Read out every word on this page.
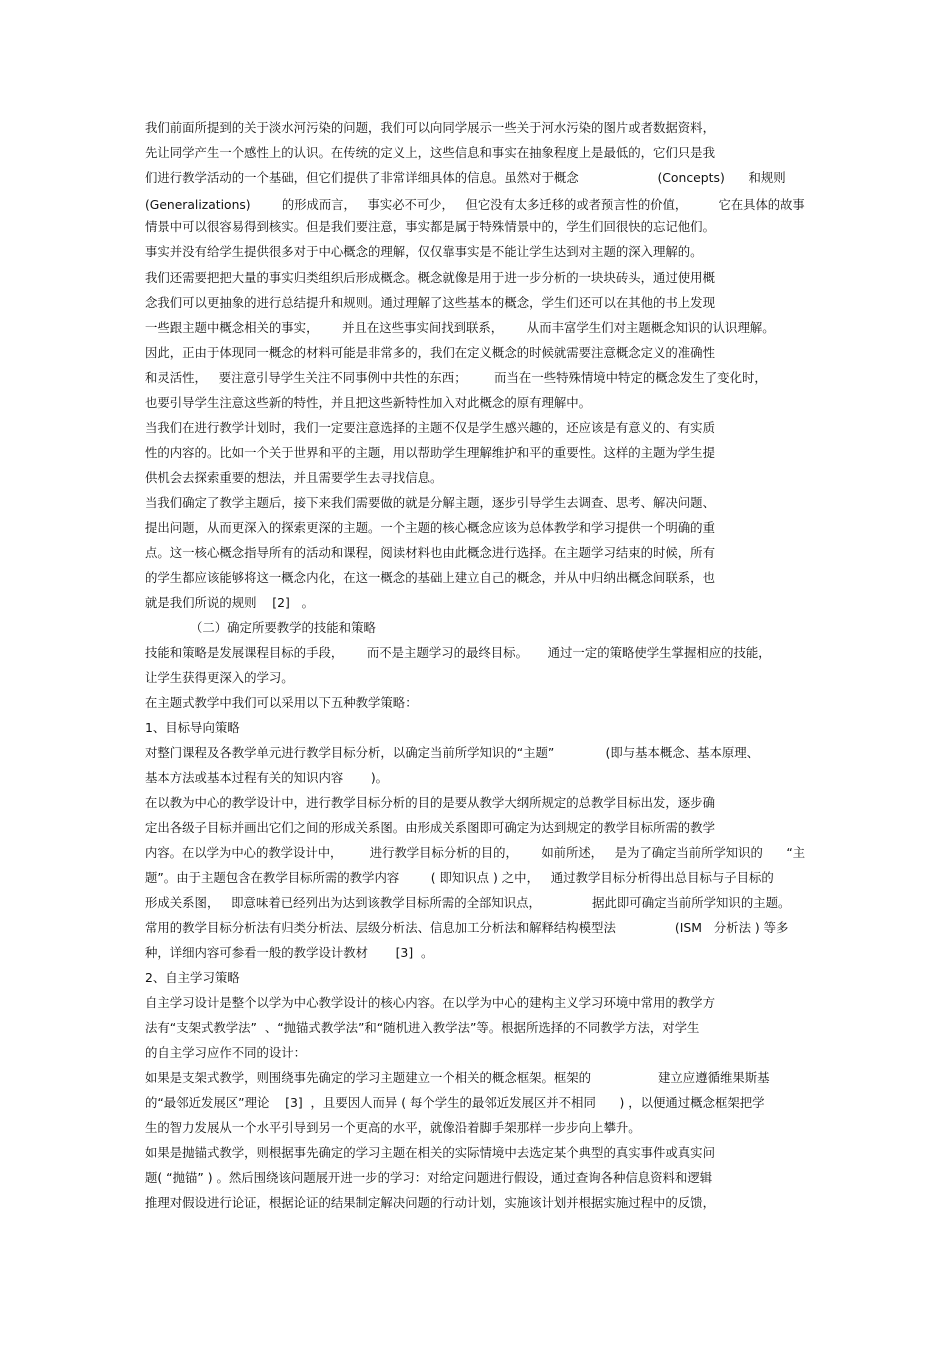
我们前面所提到的关于淡水河污染的问题，我们可以向同学展示一些关于河水污染的图片或者数据资料，
先让同学产生一个感性上的认识。在传统的定义上，这些信息和事实在抽象程度上是最低的，它们只是我
们进行教学活动的一个基础，但它们提供了非常详细具体的信息。虽然对于概念                    (Concepts)      和规则
(Generalizations)        的形成而言，   事实必不可少，   但它没有太多迁移的或者预言性的价值，        它在具体的故事
情景中可以很容易得到核实。但是我们要注意，事实都是属于特殊情景中的，学生们回很快的忘记他们。
事实并没有给学生提供很多对于中心概念的理解，仅仅靠事实是不能让学生达到对主题的深入理解的。
我们还需要把把大量的事实归类组织后形成概念。概念就像是用于进一步分析的一块块砖头，通过使用概
念我们可以更抽象的进行总结提升和规则。通过理解了这些基本的概念，学生们还可以在其他的书上发现
一些跟主题中概念相关的事实，      并且在这些事实间找到联系，      从而丰富学生们对主题概念知识的认识理解。
因此，正由于体现同一概念的材料可能是非常多的，我们在定义概念的时候就需要注意概念定义的准确性
和灵活性，   要注意引导学生关注不同事例中共性的东西；       而当在一些特殊情境中特定的概念发生了变化时，
也要引导学生注意这些新的特性，并且把这些新特性加入对此概念的原有理解中。
当我们在进行教学计划时，我们一定要注意选择的主题不仅是学生感兴趣的，还应该是有意义的、有实质
性的内容的。比如一个关于世界和平的主题，用以帮助学生理解维护和平的重要性。这样的主题为学生提
供机会去探索重要的想法，并且需要学生去寻找信息。
当我们确定了教学主题后，接下来我们需要做的就是分解主题，逐步引导学生去调查、思考、解决问题、
提出问题，从而更深入的探索更深的主题。一个主题的核心概念应该为总体教学和学习提供一个明确的重
点。这一核心概念指导所有的活动和课程，阅读材料也由此概念进行选择。在主题学习结束的时候，所有
的学生都应该能够将这一概念内化，在这一概念的基础上建立自己的概念，并从中归纳出概念间联系，也
就是我们所说的规则    [2]   。
（二）确定所要教学的技能和策略
技能和策略是发展课程目标的手段，      而不是主题学习的最终目标。     通过一定的策略使学生掌握相应的技能，
让学生获得更深入的学习。
在主题式教学中我们可以采用以下五种教学策略：
1、目标导向策略
对整门课程及各教学单元进行教学目标分析，以确定当前所学知识的“主题”             (即与基本概念、基本原理、
基本方法或基本过程有关的知识内容       )。
在以教为中心的教学设计中，进行教学目标分析的目的是要从教学大纲所规定的总教学目标出发，逐步确
定出各级子目标并画出它们之间的形成关系图。由形成关系图即可确定为达到规定的教学目标所需的教学
内容。在以学为中心的教学设计中，       进行教学目标分析的目的，      如前所述，   是为了确定当前所学知识的      “主
题”。由于主题包含在教学目标所需的教学内容        ( 即知识点 ) 之中，   通过教学目标分析得出总目标与子目标的
形成关系图，   即意味着已经列出为达到该教学目标所需的全部知识点，             据此即可确定当前所学知识的主题。
常用的教学目标分析法有归类分析法、层级分析法、信息加工分析法和解释结构模型法               (ISM   分析法 ) 等多
种，详细内容可参看一般的教学设计教材       [3]  。
2、自主学习策略
自主学习设计是整个以学为中心教学设计的核心内容。在以学为中心的建构主义学习环境中常用的教学方
法有“支架式教学法”  、“抛锚式教学法”和“随机进入教学法”等。根据所选择的不同教学方法，对学生
的自主学习应作不同的设计：
如果是支架式教学，则围绕事先确定的学习主题建立一个相关的概念框架。框架的                 建立应遵循维果斯基
的“最邻近发展区”理论    [3]  ，且要因人而异 ( 每个学生的最邻近发展区并不相同      ) ，以便通过概念框架把学
生的智力发展从一个水平引导到另一个更高的水平，就像沿着脚手架那样一步步向上攀升。
如果是抛锚式教学，则根据事先确定的学习主题在相关的实际情境中去选定某个典型的真实事件或真实问
题( “抛锚” ) 。然后围绕该问题展开进一步的学习：对给定问题进行假设，通过查询各种信息资料和逻辑
推理对假设进行论证，根据论证的结果制定解决问题的行动计划，实施该计划并根据实施过程中的反馈，
